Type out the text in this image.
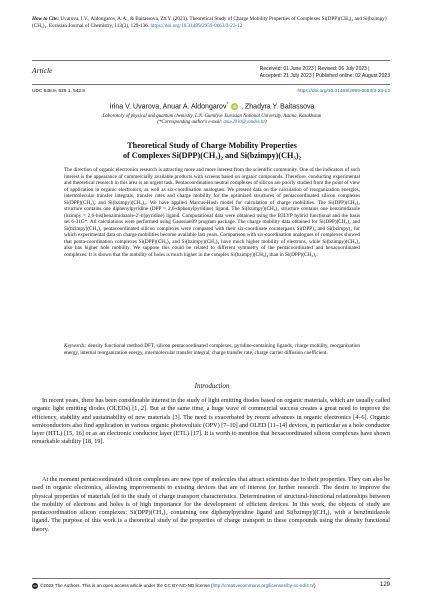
How to Cite: Uvarova, I.V., Aldongarov, A.A., & Baitassova, Zh.Y. (2023). Theoretical Study of Charge Mobility Properties of Complexes Si(DPP)(CH₃)₂ and Si(bzimpy)(CH₃)₂. Eurasian Journal of Chemistry, 113(3), 129-136. https://doi.org/10.31489/2959-0663/3-23-12
Article	Received: 01 June 2023 | Revised: 06 July 2023 |
Accepted: 21 July 2023 | Published online: 02 August 2023
UDC 538.9, 539.1, 542.8	https://doi.org/10.31489/2959-0663/3-23-12
Irina V. Uvarova, Anuar A. Aldongarov* iD , Zhadyra Y. Baitassova
Laboratory of physical and quantum chemistry, L.N. Gumilyov Eurasian National University, Astana, Kazakhstan
(*Corresponding author's e-mail: anu-2010@yandex.kz)
Theoretical Study of Charge Mobility Properties
of Complexes Si(DPP)(CH₃)₂ and Si(bzimpy)(CH₃)₂

The direction of organic electronics research is attracting more and more interest from the scientific community. One of the indicators of such interest is the appearance of commercially available products with screens based on organic compounds. Therefore, conducting experimental and theoretical research in this area is an urgent task. Pentacoordination neutral complexes of silicon are poorly studied from the point of view of application in organic electronics, as well as six-coordination analogues. We present data on the calculation of reorganization energies, intermolecular transfer integrals, transfer rates and charge mobility for the optimized structures of pentacoordinated silicon complexes Si(DPP)(CH₃)₂ and Si(bzimpy)(CH₃)₂. We have applied Marcus-Hush model for calculation of charge mobilities. The Si(DPP)(CH₃)₂ structure contains one diphenylpyridine (DPP = 2,6-diphenylpyridine) ligand. The Si(bzimpy)(CH₃)₂ structure contains one benzimidazole (bzimpy = 2,6-bis(benzimidazole-2'-il)pyridine) ligand. Computational data were obtained using the B3LYP hybrid functional and the basis set 6-31G*. All calculations were performed using Gaussian09 program package. The charge mobility data obtained for Si(DPP)(CH₃)₂ and Si(bzimpy)(CH₃)₂ pentacoordinated silicon complexes were compared with their six-coordinate counterparts Si(DPP)₂ and Si(bzimpy)₂ for which experimental data on charge mobilities become available last years. Comparison with six-coordination analogues of complexes showed that penta-coordination complexes Si(DPP)(CH₃)₂ and Si(bzimpy)(CH₃)₂ have much higher mobility of electrons, while Si(bzimpy)(CH₃)₂ also has higher hole mobility. We suppose this could be related to different symmetry of the pentacoordinated and hexacoordinated complexes. It is shown that the mobility of holes is much higher in the complex Si(bzimpy)(CH₃)₂ than in Si(DPP)(CH₃)₂.

Keywords: density functional method DFT, silicon pentacoordinated complexes, pyridine-containing ligands, charge mobility, reorganization energy, internal reorganization energy, intermolecular transfer integral, charge transfer rate, charge carrier diffusion coefficient.

Introduction

In recent years, there has been considerable interest in the study of light emitting diodes based on organic materials, which are usually called organic light emitting diodes (OLEDs) [1, 2]. But at the same time, a huge wave of commercial success creates a great need to improve the efficiency, stability and sustainability of new materials [3]. The need is exacerbated by recent advances in organic electronics [4–6]. Organic semiconductors also find application in various organic photovoltaic (OPV) [7–10] and OLED [11–14] devices, in particular as a hole conductor layer (HTL) [15, 16] or as an electronic conductor layer (ETL) [17]. It is worth to mention that hexacoordinated silicon complexes have shown remarkable stability [18, 19].

At the moment pentacoordinated silicon complexes are new type of molecules that attract scientists due to their properties. They can also be used in organic electronics, allowing improvements to existing devices that are of interest for further research. The desire to improve the physical properties of materials led to the study of charge transport characteristics. Determination of structural-functional relationships between the mobility of electrons and holes is of high importance for the development of efficient devices. In this work, the objects of study are pentacoordination silicon complexes: Si(DPP)(CH₃)₂ containing one diphenylpyridine ligand and Si(bzimpy)(CH₃)₂ with a benzimidazole ligand. The purpose of this work is a theoretical study of the properties of charge transport in these compounds using the density functional theory.

cc ©2023 The Authors. This is an open access article under the CC BY-NC-ND license (http://creativecommons.org/licenses/by-nc-nd/4.0/)	129
